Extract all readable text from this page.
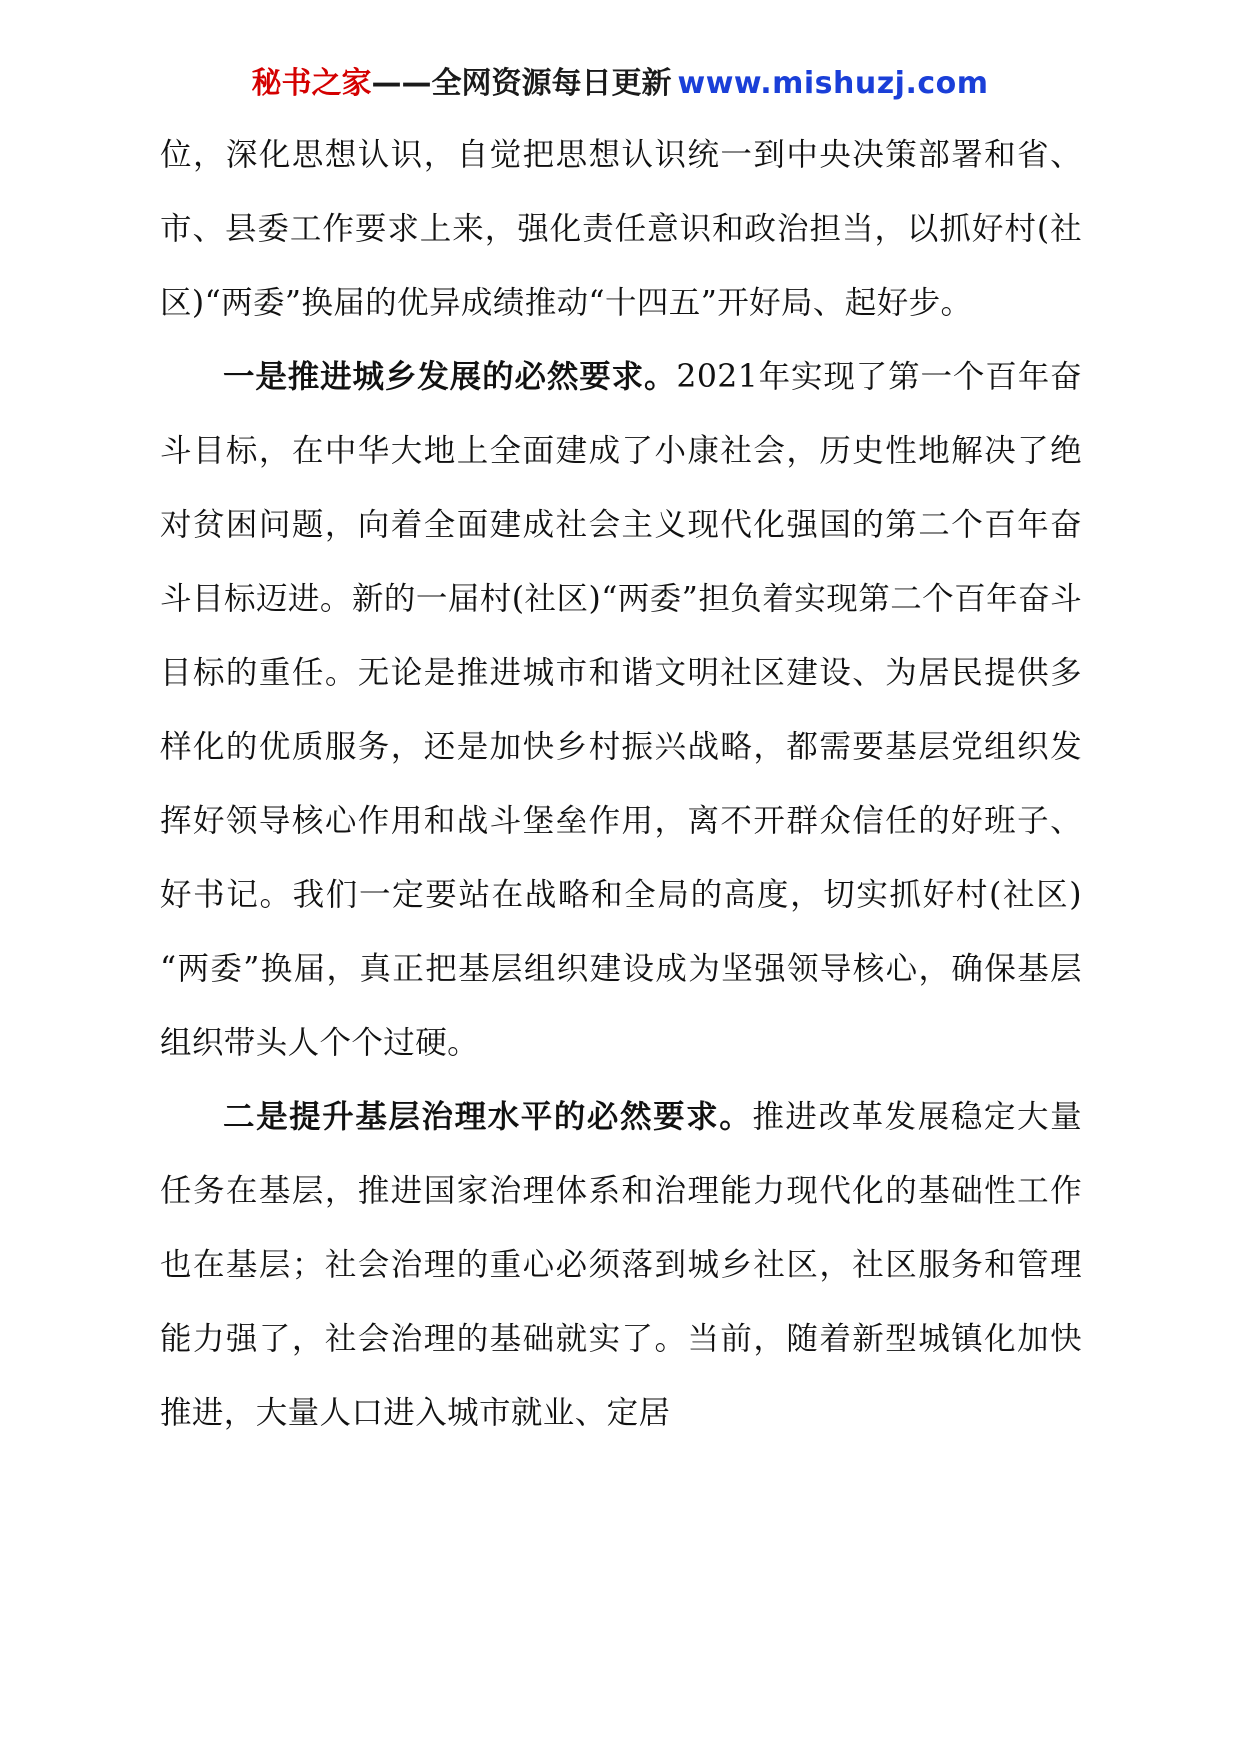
秘书之家——全网资源每日更新 www.mishuzj.com

位，深化思想认识，自觉把思想认识统一到中央决策部署和省、市、县委工作要求上来，强化责任意识和政治担当，以抓好村(社区)“两委”换届的优异成绩推动“十四五”开好局、起好步。

一是推进城乡发展的必然要求。2021年实现了第一个百年奋斗目标，在中华大地上全面建成了小康社会，历史性地解决了绝对贫困问题，向着全面建成社会主义现代化强国的第二个百年奋斗目标迈进。新的一届村(社区)“两委”担负着实现第二个百年奋斗目标的重任。无论是推进城市和谐文明社区建设、为居民提供多样化的优质服务，还是加快乡村振兴战略，都需要基层党组织发挥好领导核心作用和战斗堡垒作用，离不开群众信任的好班子、好书记。我们一定要站在战略和全局的高度，切实抓好村(社区)“两委”换届，真正把基层组织建设成为坚强领导核心，确保基层组织带头人个个过硬。

二是提升基层治理水平的必然要求。推进改革发展稳定大量任务在基层，推进国家治理体系和治理能力现代化的基础性工作也在基层；社会治理的重心必须落到城乡社区，社区服务和管理能力强了，社会治理的基础就实了。当前，随着新型城镇化加快推进，大量人口进入城市就业、定居
